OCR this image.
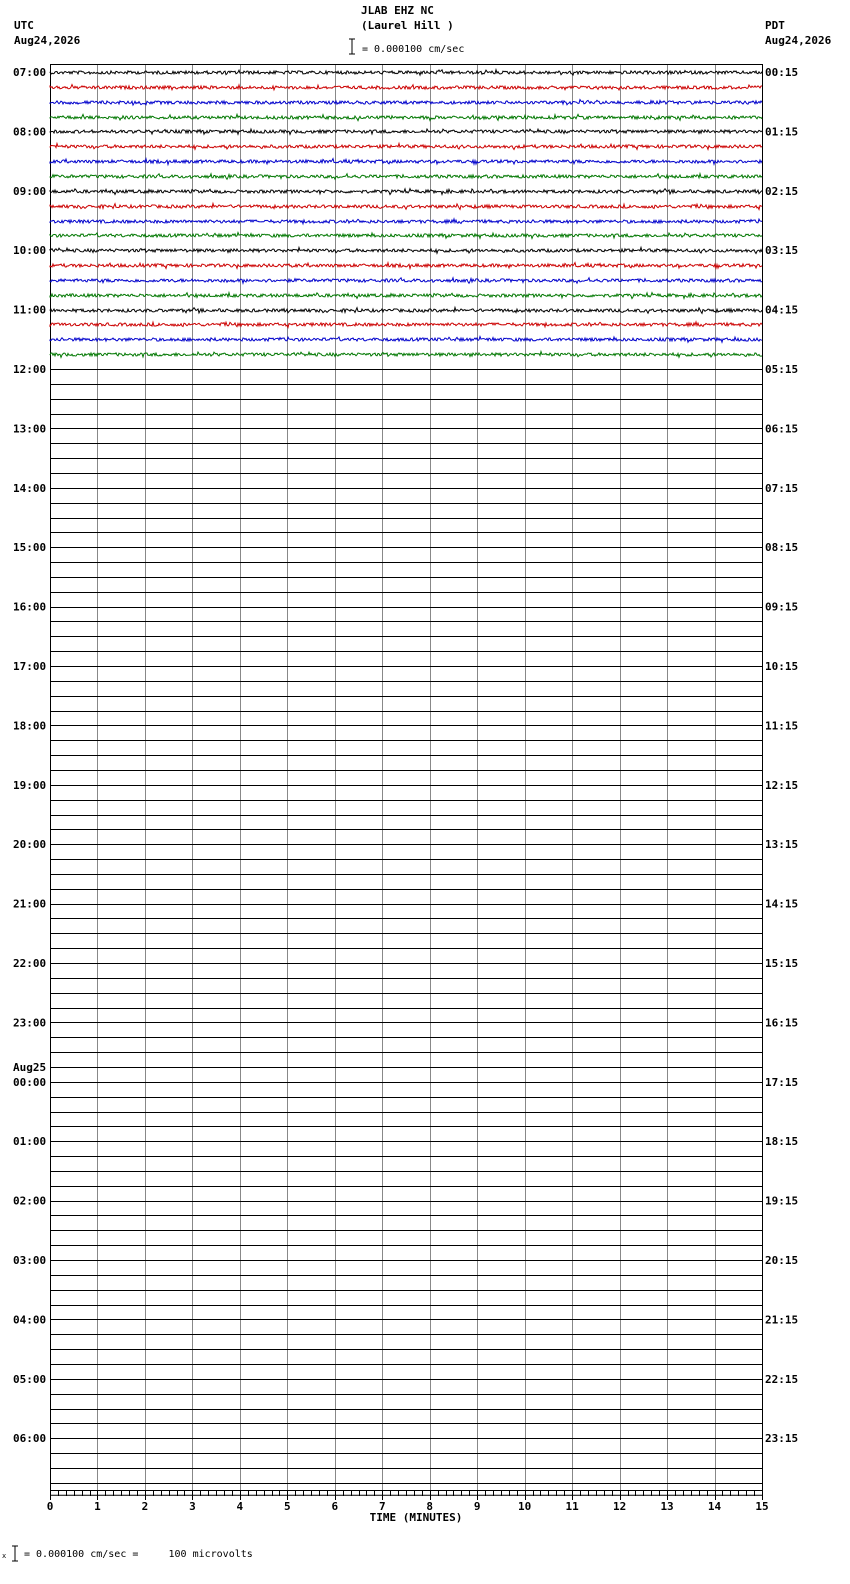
JLAB EHZ NC
(Laurel Hill )
UTC
Aug24,2026
PDT
Aug24,2026
= 0.000100 cm/sec
= 0.000100 cm/sec =     100 microvolts
x
07:00
08:00
09:00
10:00
11:00
12:00
13:00
14:00
15:00
16:00
17:00
18:00
19:00
20:00
21:00
22:00
23:00
00:00
01:00
02:00
03:00
04:00
05:00
06:00
Aug25
00:15
01:15
02:15
03:15
04:15
05:15
06:15
07:15
08:15
09:15
10:15
11:15
12:15
13:15
14:15
15:15
16:15
17:15
18:15
19:15
20:15
21:15
22:15
23:15
0	1	2	3	4	5	6	7	8	9	10	11	12	13	14	15
TIME (MINUTES)
